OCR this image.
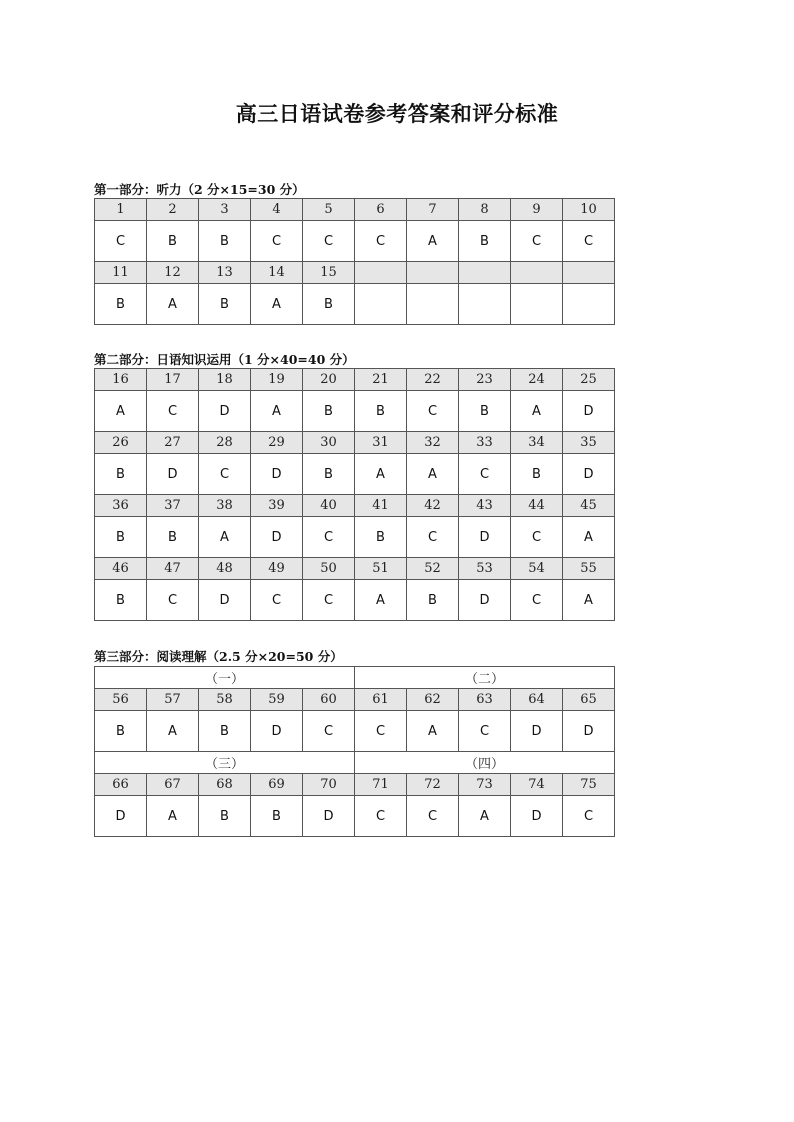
高三日语试卷参考答案和评分标准
第一部分：听力（2 分×15=30 分）
1	2	3	4	5	6	7	8	9	10
C	B	B	C	C	C	A	B	C	C
11	12	13	14	15					
B	A	B	A	B					
第二部分：日语知识运用（1 分×40=40 分）
16	17	18	19	20	21	22	23	24	25
A	C	D	A	B	B	C	B	A	D
26	27	28	29	30	31	32	33	34	35
B	D	C	D	B	A	A	C	B	D
36	37	38	39	40	41	42	43	44	45
B	B	A	D	C	B	C	D	C	A
46	47	48	49	50	51	52	53	54	55
B	C	D	C	C	A	B	D	C	A
第三部分：阅读理解（2.5 分×20=50 分）
（一）					（二）				
56	57	58	59	60	61	62	63	64	65
B	A	B	D	C	C	A	C	D	D
（三）					（四）				
66	67	68	69	70	71	72	73	74	75
D	A	B	B	D	C	C	A	D	C
